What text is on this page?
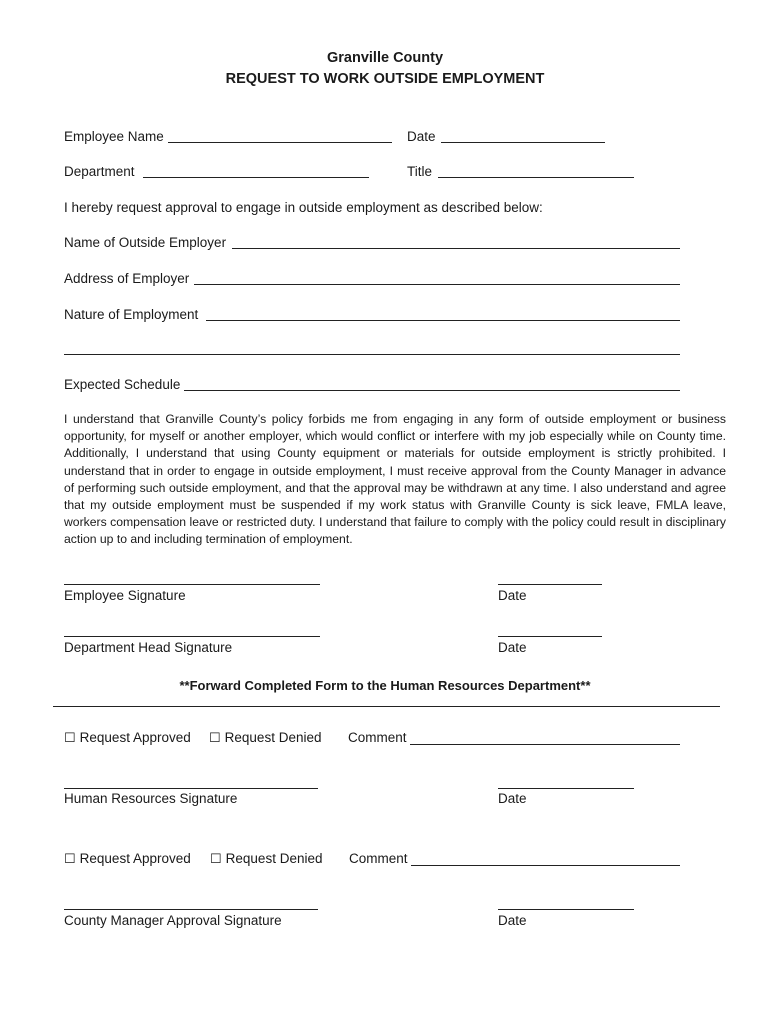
Granville County
REQUEST TO WORK OUTSIDE EMPLOYMENT
Employee Name	Date
Department	Title
I hereby request approval to engage in outside employment as described below:
Name of Outside Employer
Address of Employer
Nature of Employment
Expected Schedule
I understand that Granville County’s policy forbids me from engaging in any form of outside employment or business opportunity, for myself or another employer, which would conflict or interfere with my job especially while on County time. Additionally, I understand that using County equipment or materials for outside employment is strictly prohibited. I understand that in order to engage in outside employment, I must receive approval from the County Manager in advance of performing such outside employment, and that the approval may be withdrawn at any time. I also understand and agree that my outside employment must be suspended if my work status with Granville County is sick leave, FMLA leave, workers compensation leave or restricted duty. I understand that failure to comply with the policy could result in disciplinary action up to and including termination of employment.
Employee Signature	Date
Department Head Signature	Date
**Forward Completed Form to the Human Resources Department**
☐ Request Approved ☐ Request Denied Comment
Human Resources Signature	Date
☐ Request Approved ☐ Request Denied Comment
County Manager Approval Signature	Date
